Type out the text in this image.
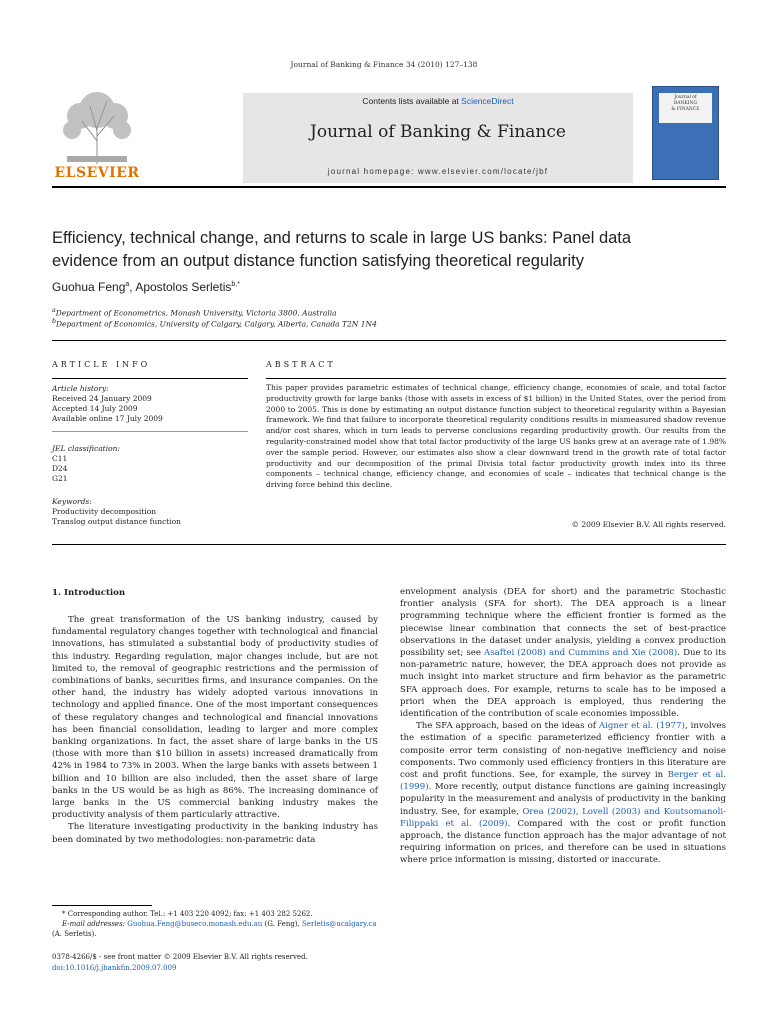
Journal of Banking & Finance 34 (2010) 127–138
ELSEVIER
Contents lists available at ScienceDirect
Journal of Banking & Finance
journal homepage: www.elsevier.com/locate/jbf
Journal of
BANKING
& FINANCE
Efficiency, technical change, and returns to scale in large US banks: Panel data
evidence from an output distance function satisfying theoretical regularity
Guohua Feng$^a$, Apostolos Serletis$^{b,*}$
$^a$Department of Econometrics, Monash University, Victoria 3800, Australia
$^b$Department of Economics, University of Calgary, Calgary, Alberta, Canada T2N 1N4
ARTICLE INFO	ABSTRACT
Article history:
Received 24 January 2009
Accepted 14 July 2009
Available online 17 July 2009
JEL classification:
C11
D24
G21
Keywords:
Productivity decomposition
Translog output distance function
This paper provides parametric estimates of technical change, efficiency change, economies of scale, and total factor productivity growth for large banks (those with assets in excess of $1 billion) in the United States, over the period from 2000 to 2005. This is done by estimating an output distance function subject to theoretical regularity within a Bayesian framework. We find that failure to incorporate theoretical regularity conditions results in mismeasured shadow revenue and/or cost shares, which in turn leads to perverse conclusions regarding productivity growth. Our results from the regularity-constrained model show that total factor productivity of the large US banks grew at an average rate of 1.98% over the sample period. However, our estimates also show a clear downward trend in the growth rate of total factor productivity and our decomposition of the primal Divisia total factor productivity growth index into its three components – technical change, efficiency change, and economies of scale – indicates that technical change is the driving force behind this decline.
© 2009 Elsevier B.V. All rights reserved.
1. Introduction

The great transformation of the US banking industry, caused by fundamental regulatory changes together with technological and financial innovations, has stimulated a substantial body of productivity studies of this industry. Regarding regulation, major changes include, but are not limited to, the removal of geographic restrictions and the permission of combinations of banks, securities firms, and insurance companies. On the other hand, the industry has widely adopted various innovations in technology and applied finance. One of the most important consequences of these regulatory changes and technological and financial innovations has been financial consolidation, leading to larger and more complex banking organizations. In fact, the asset share of large banks in the US (those with more than $10 billion in assets) increased dramatically from 42% in 1984 to 73% in 2003. When the large banks with assets between 1 billion and 10 billion are also included, then the asset share of large banks in the US would be as high as 86%. The increasing dominance of large banks in the US commercial banking industry makes the productivity analysis of them particularly attractive.

The literature investigating productivity in the banking industry has been dominated by two methodologies: non-parametric data

envelopment analysis (DEA for short) and the parametric Stochastic frontier analysis (SFA for short). The DEA approach is a linear programming technique where the efficient frontier is formed as the piecewise linear combination that connects the set of best-practice observations in the dataset under analysis, yielding a convex production possibility set; see Asaftei (2008) and Cummins and Xie (2008). Due to its non-parametric nature, however, the DEA approach does not provide as much insight into market structure and firm behavior as the parametric SFA approach does. For example, returns to scale has to be imposed a priori when the DEA approach is employed, thus rendering the identification of the contribution of scale economies impossible.

The SFA approach, based on the ideas of Aigner et al. (1977), involves the estimation of a specific parameterized efficiency frontier with a composite error term consisting of non-negative inefficiency and noise components. Two commonly used efficiency frontiers in this literature are cost and profit functions. See, for example, the survey in Berger et al. (1999). More recently, output distance functions are gaining increasingly popularity in the measurement and analysis of productivity in the banking industry. See, for example, Orea (2002), Lovell (2003) and Koutsomanoli-Filippaki et al. (2009). Compared with the cost or profit function approach, the distance function approach has the major advantage of not requiring information on prices, and therefore can be used in situations where price information is missing, distorted or inaccurate.

* Corresponding author. Tel.: +1 403 220 4092; fax: +1 403 282 5262.
E-mail addresses: Guohua.Feng@buseco.monash.edu.au (G. Feng), Serletis@ucalgary.ca
(A. Serletis).
0378-4266/$ - see front matter © 2009 Elsevier B.V. All rights reserved.
doi:10.1016/j.jbankfin.2009.07.009
